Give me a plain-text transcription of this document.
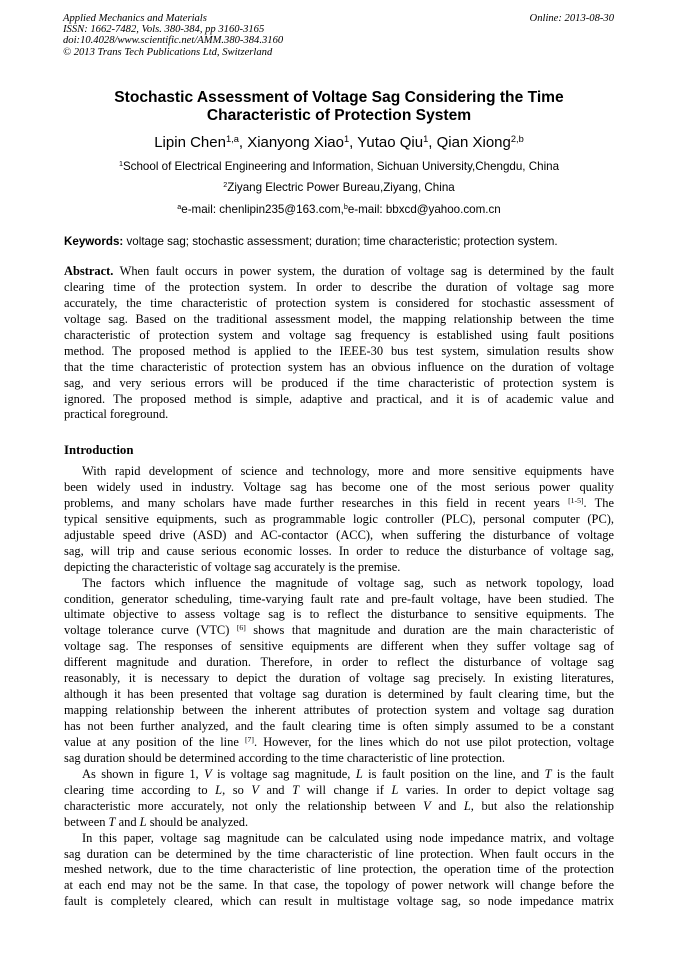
Applied Mechanics and Materials
ISSN: 1662-7482, Vols. 380-384, pp 3160-3165
doi:10.4028/www.scientific.net/AMM.380-384.3160
© 2013 Trans Tech Publications Ltd, Switzerland
Online: 2013-08-30
Stochastic Assessment of Voltage Sag Considering the Time
Characteristic of Protection System
Lipin Chen$^{1,a}$, Xianyong Xiao$^1$, Yutao Qiu$^1$, Qian Xiong$^{2,b}$
$^1$School of Electrical Engineering and Information, Sichuan University,Chengdu, China
$^2$Ziyang Electric Power Bureau,Ziyang, China
$^a$e-mail: chenlipin235@163.com,$^b$e-mail: bbxcd@yahoo.com.cn
Keywords: voltage sag; stochastic assessment; duration; time characteristic; protection system.
Abstract. When fault occurs in power system, the duration of voltage sag is determined by the fault
clearing time of the protection system. In order to describe the duration of voltage sag more
accurately, the time characteristic of protection system is considered for stochastic assessment of
voltage sag. Based on the traditional assessment model, the mapping relationship between the time
characteristic of protection system and voltage sag frequency is established using fault positions
method. The proposed method is applied to the IEEE-30 bus test system, simulation results show
that the time characteristic of protection system has an obvious influence on the duration of voltage
sag, and very serious errors will be produced if the time characteristic of protection system is
ignored. The proposed method is simple, adaptive and practical, and it is of academic value and
practical foreground.
Introduction
With rapid development of science and technology, more and more sensitive equipments have
been widely used in industry. Voltage sag has become one of the most serious power quality
problems, and many scholars have made further researches in this field in recent years [1-5]. The
typical sensitive equipments, such as programmable logic controller (PLC), personal computer (PC),
adjustable speed drive (ASD) and AC-contactor (ACC), when suffering the disturbance of voltage
sag, will trip and cause serious economic losses. In order to reduce the disturbance of voltage sag,
depicting the characteristic of voltage sag accurately is the premise.
The factors which influence the magnitude of voltage sag, such as network topology, load
condition, generator scheduling, time-varying fault rate and pre-fault voltage, have been studied. The
ultimate objective to assess voltage sag is to reflect the disturbance to sensitive equipments. The
voltage tolerance curve (VTC) [6] shows that magnitude and duration are the main characteristic of
voltage sag. The responses of sensitive equipments are different when they suffer voltage sag of
different magnitude and duration. Therefore, in order to reflect the disturbance of voltage sag
reasonably, it is necessary to depict the duration of voltage sag precisely. In existing literatures,
although it has been presented that voltage sag duration is determined by fault clearing time, but the
mapping relationship between the inherent attributes of protection system and voltage sag duration
has not been further analyzed, and the fault clearing time is often simply assumed to be a constant
value at any position of the line [7]. However, for the lines which do not use pilot protection, voltage
sag duration should be determined according to the time characteristic of line protection.
As shown in figure 1, V is voltage sag magnitude, L is fault position on the line, and T is the fault
clearing time according to L, so V and T will change if L varies. In order to depict voltage sag
characteristic more accurately, not only the relationship between V and L, but also the relationship
between T and L should be analyzed.
In this paper, voltage sag magnitude can be calculated using node impedance matrix, and voltage
sag duration can be determined by the time characteristic of line protection. When fault occurs in the
meshed network, due to the time characteristic of line protection, the operation time of the protection
at each end may not be the same. In that case, the topology of power network will change before the
fault is completely cleared, which can result in multistage voltage sag, so node impedance matrix
